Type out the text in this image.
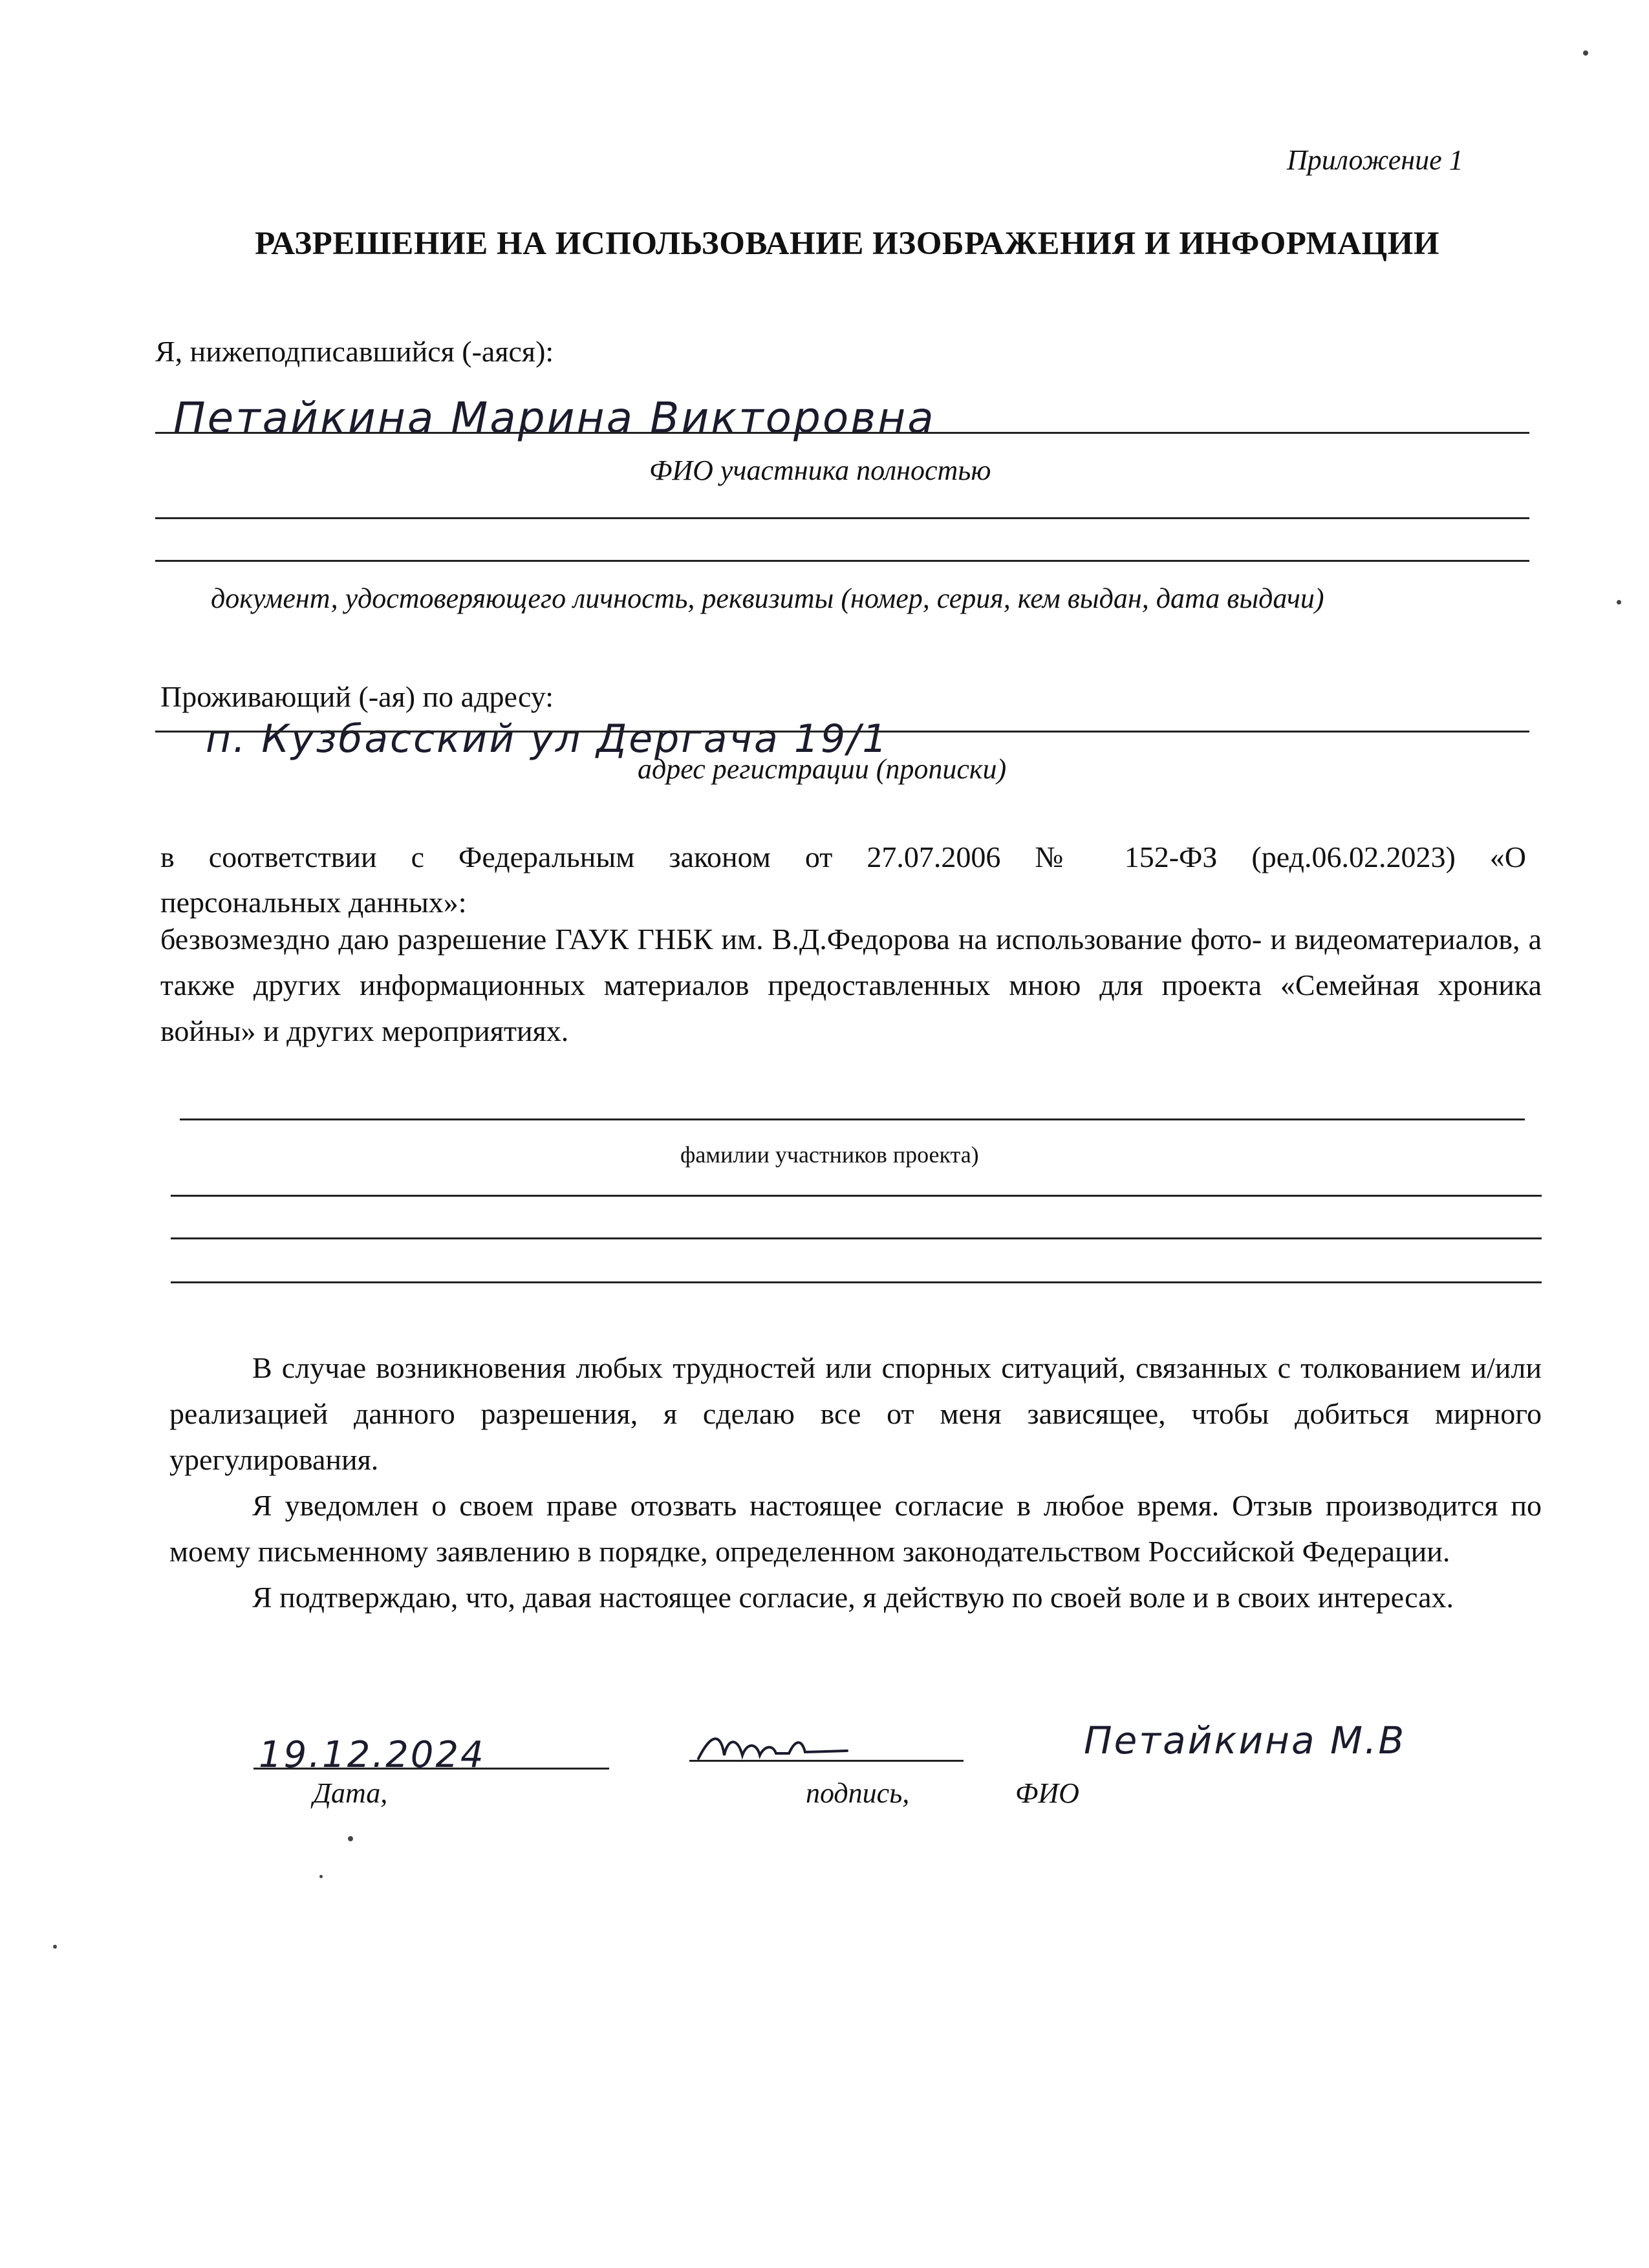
Приложение 1
РАЗРЕШЕНИЕ НА ИСПОЛЬЗОВАНИЕ ИЗОБРАЖЕНИЯ И ИНФОРМАЦИИ
Я, нижеподписавшийся (-аяся):
Петайкина Марина Викторовна
ФИО участника полностью
документ, удостоверяющего личность, реквизиты (номер, серия, кем выдан, дата выдачи)
Проживающий (-ая) по адресу:
п. Кузбасский ул Дергача 19/1
адрес регистрации (прописки)
в соответствии с Федеральным законом от 27.07.2006 № 152-ФЗ (ред.06.02.2023) «О
персональных данных»:
безвозмездно даю разрешение ГАУК ГНБК им. В.Д.Федорова на использование фото- и видеоматериалов, а также других информационных материалов предоставленных мною для проекта «Семейная хроника войны» и других мероприятиях.
фамилии участников проекта)

В случае возникновения любых трудностей или спорных ситуаций, связанных с толкованием и/или реализацией данного разрешения, я сделаю все от меня зависящее, чтобы добиться мирного урегулирования.

Я уведомлен о своем праве отозвать настоящее согласие в любое время. Отзыв производится по моему письменному заявлению в порядке, определенном законодательством Российской Федерации.

Я подтверждаю, что, давая настоящее согласие, я действую по своей воле и в своих интересах.

19.12.2024
Дата,	подпись,
Петайкина М.В
ФИО
